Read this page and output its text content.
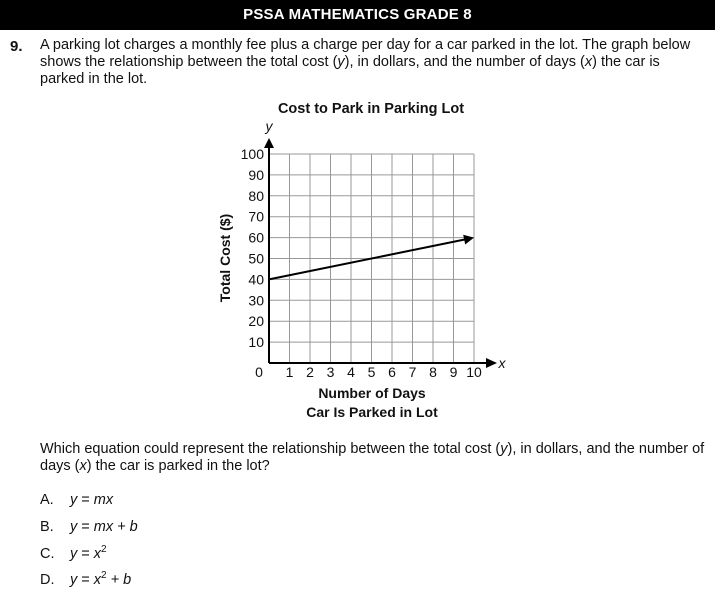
PSSA MATHEMATICS GRADE 8
9. A parking lot charges a monthly fee plus a charge per day for a car parked in the lot. The graph below shows the relationship between the total cost (y), in dollars, and the number of days (x) the car is parked in the lot.
Cost to Park in Parking Lot
1 2 3 4 5 6 7 8 9 10
10
20
30
40
50
60
70
80
90
100
0
y
x
Total Cost ($)
Number of Days
Car Is Parked in Lot
Which equation could represent the relationship between the total cost (y), in dollars, and the number of days (x) the car is parked in the lot?
A. y = mx
B. y = mx + b
C. $y = x^2$
D. $y = x^2 + b$
